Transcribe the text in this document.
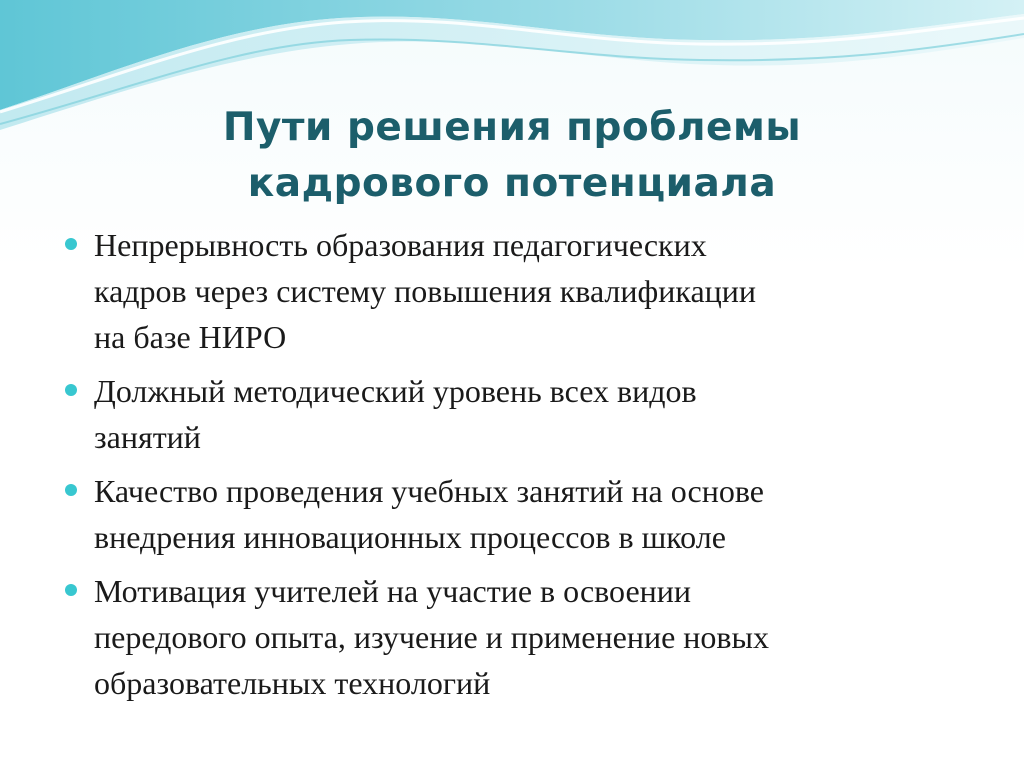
Пути решения проблемы
кадрового потенциала
Непрерывность образования педагогических
кадров через систему повышения квалификации
на базе НИРО
Должный методический уровень всех видов
занятий
Качество проведения учебных занятий на основе
внедрения инновационных процессов в школе
Мотивация учителей на участие в освоении
передового опыта, изучение и применение новых
образовательных технологий
